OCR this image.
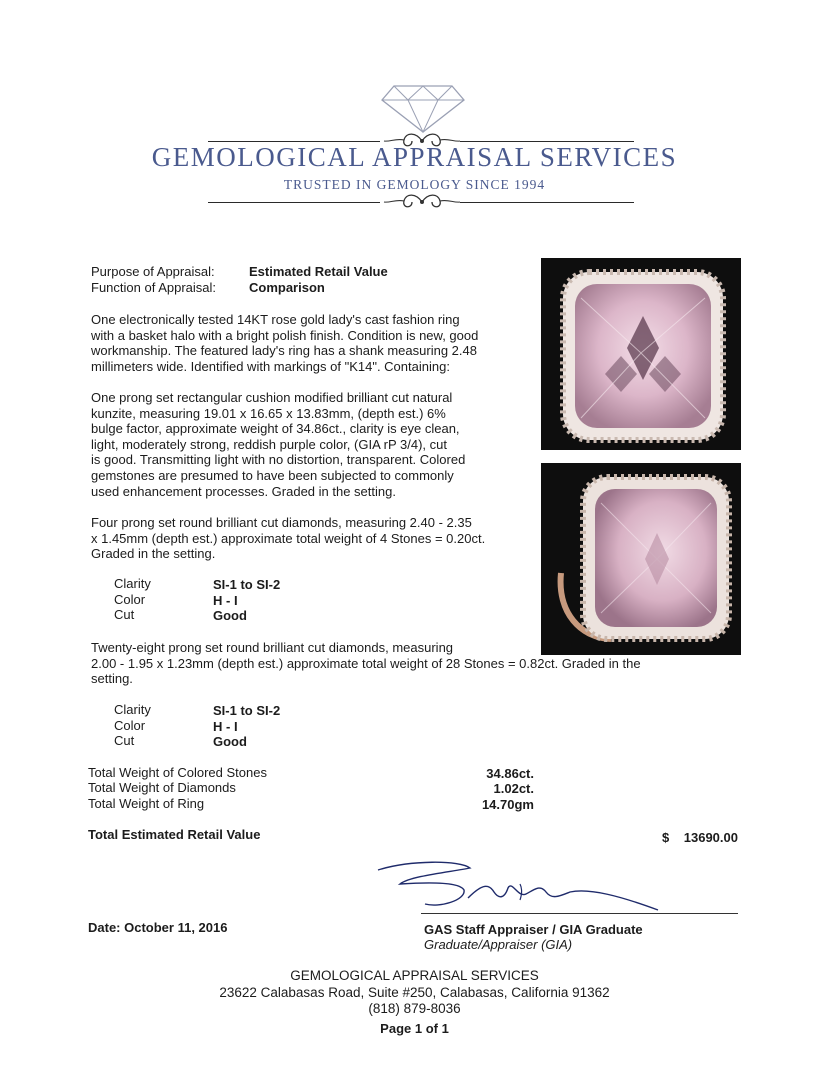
GEMOLOGICAL APPRAISAL SERVICES
TRUSTED IN GEMOLOGY SINCE 1994
Purpose of Appraisal:	Estimated Retail Value
Function of Appraisal:	Comparison
One electronically tested 14KT rose gold lady's cast fashion ring
with a basket halo with a bright polish finish. Condition is new, good
workmanship. The featured lady's ring has a shank measuring 2.48
millimeters wide. Identified with markings of "K14". Containing:
One prong set rectangular cushion modified brilliant cut natural
kunzite, measuring 19.01 x 16.65 x 13.83mm, (depth est.) 6%
bulge factor, approximate weight of 34.86ct., clarity is eye clean,
light, moderately strong, reddish purple color, (GIA rP 3/4), cut
is good. Transmitting light with no distortion, transparent. Colored
gemstones are presumed to have been subjected to commonly
used enhancement processes. Graded in the setting.
Four prong set round brilliant cut diamonds, measuring 2.40 - 2.35
x 1.45mm (depth est.) approximate total weight of 4 Stones = 0.20ct.
Graded in the setting.
Clarity	SI-1 to SI-2
Color	H - I
Cut	Good
Twenty-eight prong set round brilliant cut diamonds, measuring
2.00 - 1.95 x 1.23mm (depth est.) approximate total weight of 28 Stones = 0.82ct. Graded in the
setting.
Clarity	SI-1 to SI-2
Color	H - I
Cut	Good
Total Weight of Colored Stones	34.86ct.
Total Weight of Diamonds	1.02ct.
Total Weight of Ring	14.70gm
Total Estimated Retail Value	$	13690.00
Date: October 11, 2016	GAS Staff Appraiser / GIA Graduate
Graduate/Appraiser (GIA)
GEMOLOGICAL APPRAISAL SERVICES
23622 Calabasas Road, Suite #250, Calabasas, California 91362
(818) 879-8036
Page 1 of 1
